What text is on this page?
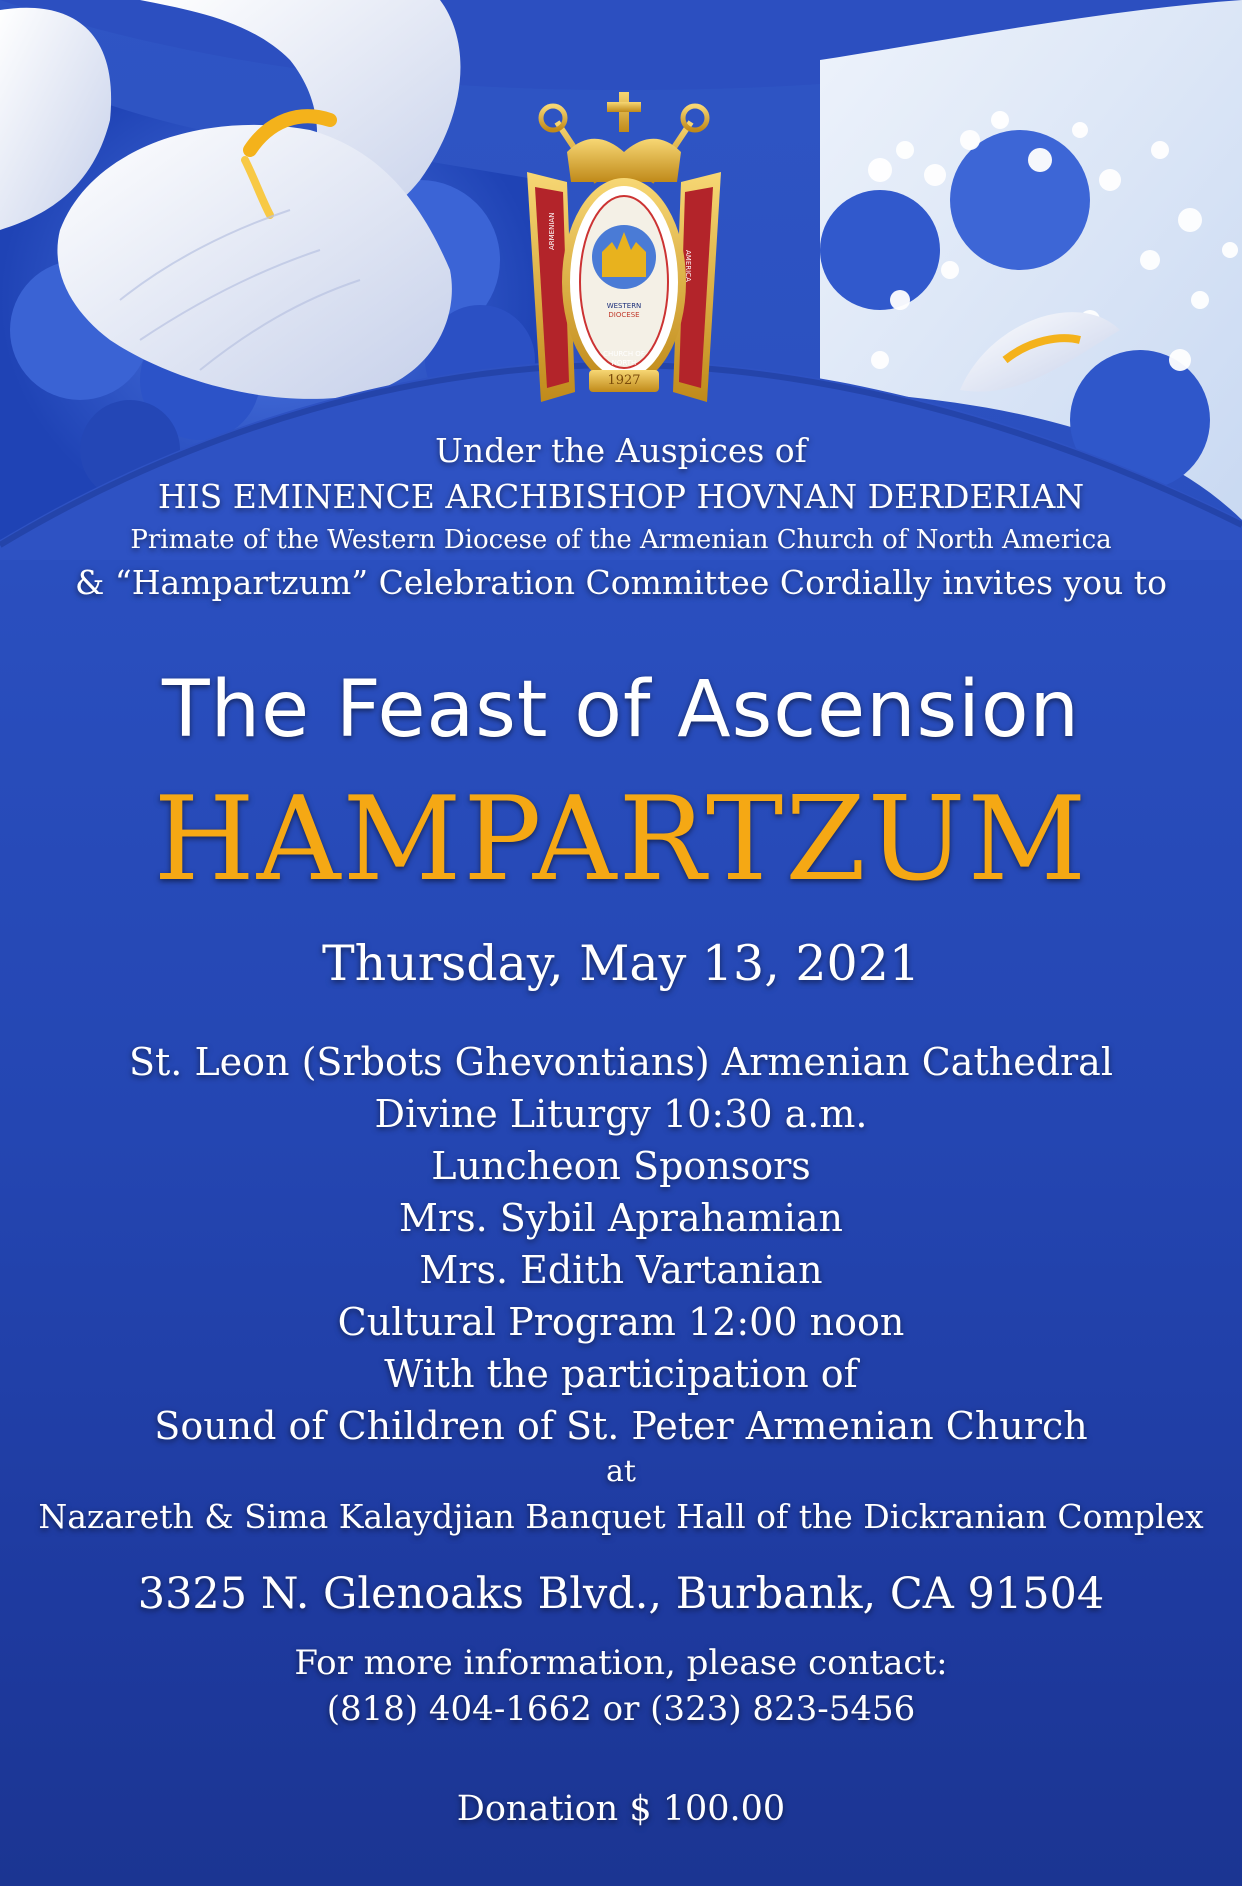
WESTERN
DIOCESE
CHURCH OF NORTH
ARMENIAN
AMERICA
1927
Under the Auspices of
HIS EMINENCE ARCHBISHOP HOVNAN DERDERIAN
Primate of the Western Diocese of the Armenian Church of North America
& “Hampartzum” Celebration Committee Cordially invites you to
The Feast of Ascension
HAMPARTZUM
Thursday, May 13, 2021
St. Leon (Srbots Ghevontians) Armenian Cathedral
Divine Liturgy 10:30 a.m.
Luncheon Sponsors
Mrs. Sybil Aprahamian
Mrs. Edith Vartanian
Cultural Program 12:00 noon
With the participation of
Sound of Children of St. Peter Armenian Church
at
Nazareth & Sima Kalaydjian Banquet Hall of the Dickranian Complex
3325 N. Glenoaks Blvd., Burbank, CA 91504
For more information, please contact:
(818) 404-1662 or (323) 823-5456
Donation $ 100.00
